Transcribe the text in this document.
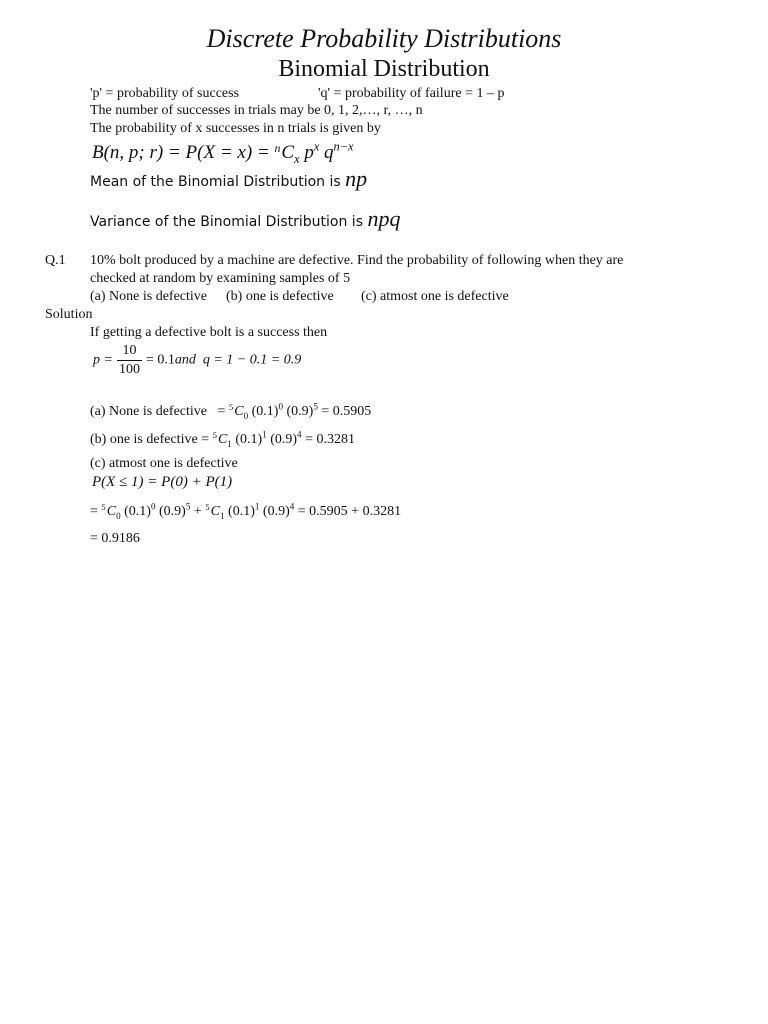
Discrete Probability Distributions
Binomial Distribution
'p' = probability of success	'q' = probability of failure = 1 – p
The number of successes in trials may be 0, 1, 2,…, r, …, n
The probability of x successes in n trials is given by
B(n, p; $r) = P(X = x) = ^nC_x$ $p^x$ $q^{n-x}$
Mean of the Binomial Distribution is np
Variance of the Binomial Distribution is npq
Q.1 10% bolt produced by a machine are defective. Find the probability of following when they are
checked at random by examining samples of 5
(a) None is defective (b) one is defective (c) atmost one is defective
Solution
If getting a defective bolt is a success then
$p = \frac{10}{100} = 0.1and$ q = 1 − 0.1 = 0.9
(a) None is defective   = $^5C_0$ $(0.1)^0$ $(0.9)^5 = 0.5905$
(b) one is defective = $^5C_1$ $(0.1)^1$ $(0.9)^4 = 0.3281$
(c) atmost one is defective
P(X ≤ 1) = P(0) + P(1)
= $^5C_0$ $(0.1)^0$ $(0.9)^5 + ^5C_1$ $(0.1)^1$ $(0.9)^4 = 0.5905 + 0.3281$
= 0.9186
